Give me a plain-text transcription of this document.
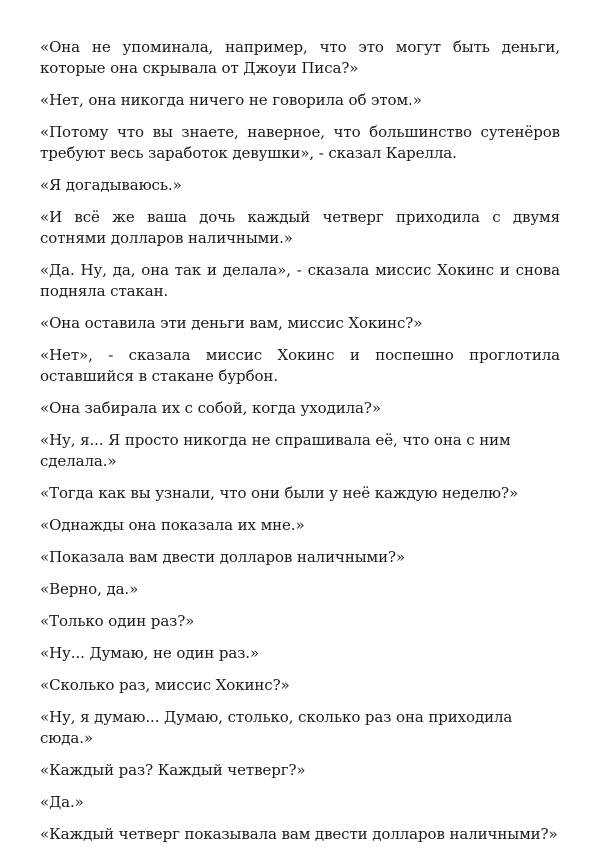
«Она не упоминала, например, что это могут быть деньги, которые она скрывала от Джоуи Писа?»

«Нет, она никогда ничего не говорила об этом.»

«Потому что вы знаете, наверное, что большинство сутенёров требуют весь заработок девушки», - сказал Карелла.

«Я догадываюсь.»

«И всё же ваша дочь каждый четверг приходила с двумя сотнями долларов наличными.»

«Да. Ну, да, она так и делала», - сказала миссис Хокинс и снова подняла стакан.

«Она оставила эти деньги вам, миссис Хокинс?»

«Нет», - сказала миссис Хокинс и поспешно проглотила оставшийся в стакане бурбон.

«Она забирала их с собой, когда уходила?»

«Ну, я... Я просто никогда не спрашивала её, что она с ним сделала.»

«Тогда как вы узнали, что они были у неё каждую неделю?»

«Однажды она показала их мне.»

«Показала вам двести долларов наличными?»

«Верно, да.»

«Только один раз?»

«Ну... Думаю, не один раз.»

«Сколько раз, миссис Хокинс?»

«Ну, я думаю... Думаю, столько, сколько раз она приходила сюда.»

«Каждый раз? Каждый четверг?»

«Да.»

«Каждый четверг показывала вам двести долларов наличными?»
